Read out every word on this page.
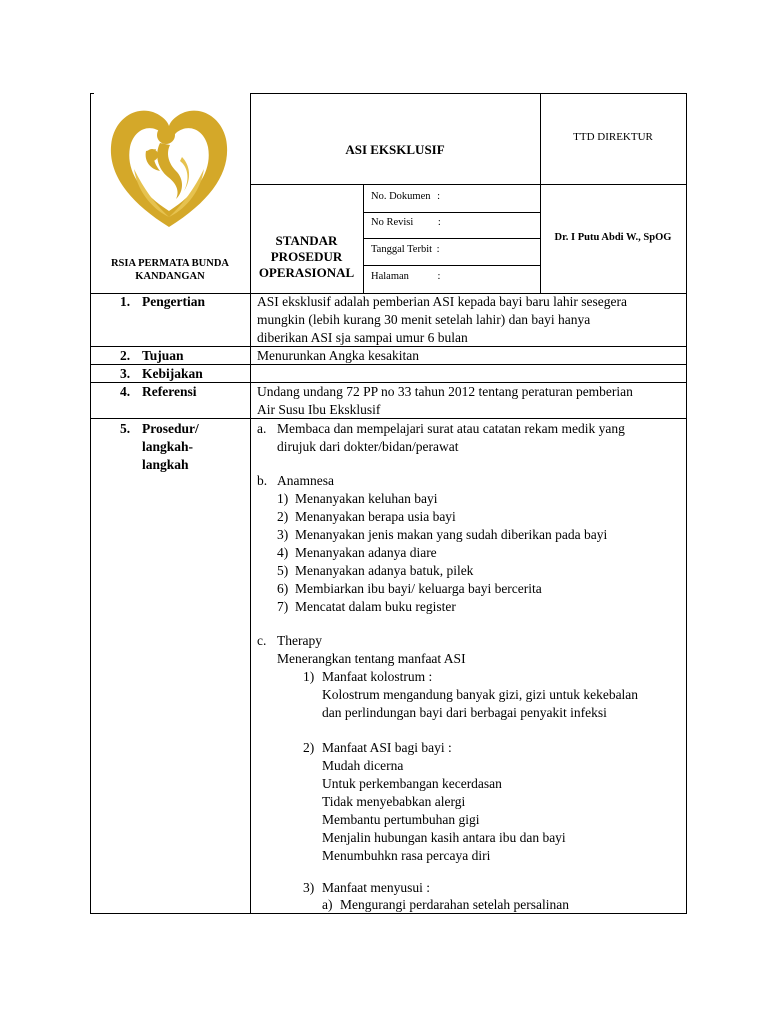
RSIA PERMATA BUNDA
KANDANGAN
ASI EKSKLUSIF
TTD DIREKTUR
STANDAR
PROSEDUR
OPERASIONAL
No. Dokumen :
No Revisi :
Tanggal Terbit :
Halaman	:
Dr. I Putu Abdi W., SpOG
1. Pengertian
2. Tujuan
3. Kebijakan
4. Referensi
5. Prosedur/
langkah-
langkah
ASI eksklusif adalah pemberian ASI kepada bayi baru lahir sesegera
mungkin (lebih kurang 30 menit setelah lahir) dan bayi hanya
diberikan ASI sja sampai umur 6 bulan
Menurunkan Angka kesakitan
Undang undang 72 PP no 33 tahun 2012 tentang peraturan pemberian
Air Susu Ibu Eksklusif
a. Membaca dan mempelajari surat atau catatan rekam medik yang
dirujuk dari dokter/bidan/perawat
b. Anamnesa
1) Menanyakan keluhan bayi
2) Menanyakan berapa usia bayi
3) Menanyakan jenis makan yang sudah diberikan pada bayi
4) Menanyakan adanya diare
5) Menanyakan adanya batuk, pilek
6) Membiarkan ibu bayi/ keluarga bayi bercerita
7) Mencatat dalam buku register
c. Therapy
Menerangkan tentang manfaat ASI
1) Manfaat kolostrum :
Kolostrum mengandung banyak gizi, gizi untuk kekebalan
dan perlindungan bayi dari berbagai penyakit infeksi
2) Manfaat ASI bagi bayi :
Mudah dicerna
Untuk perkembangan kecerdasan
Tidak menyebabkan alergi
Membantu pertumbuhan gigi
Menjalin hubungan kasih antara ibu dan bayi
Menumbuhkn rasa percaya diri
3) Manfaat menyusui :
a) Mengurangi perdarahan setelah persalinan
